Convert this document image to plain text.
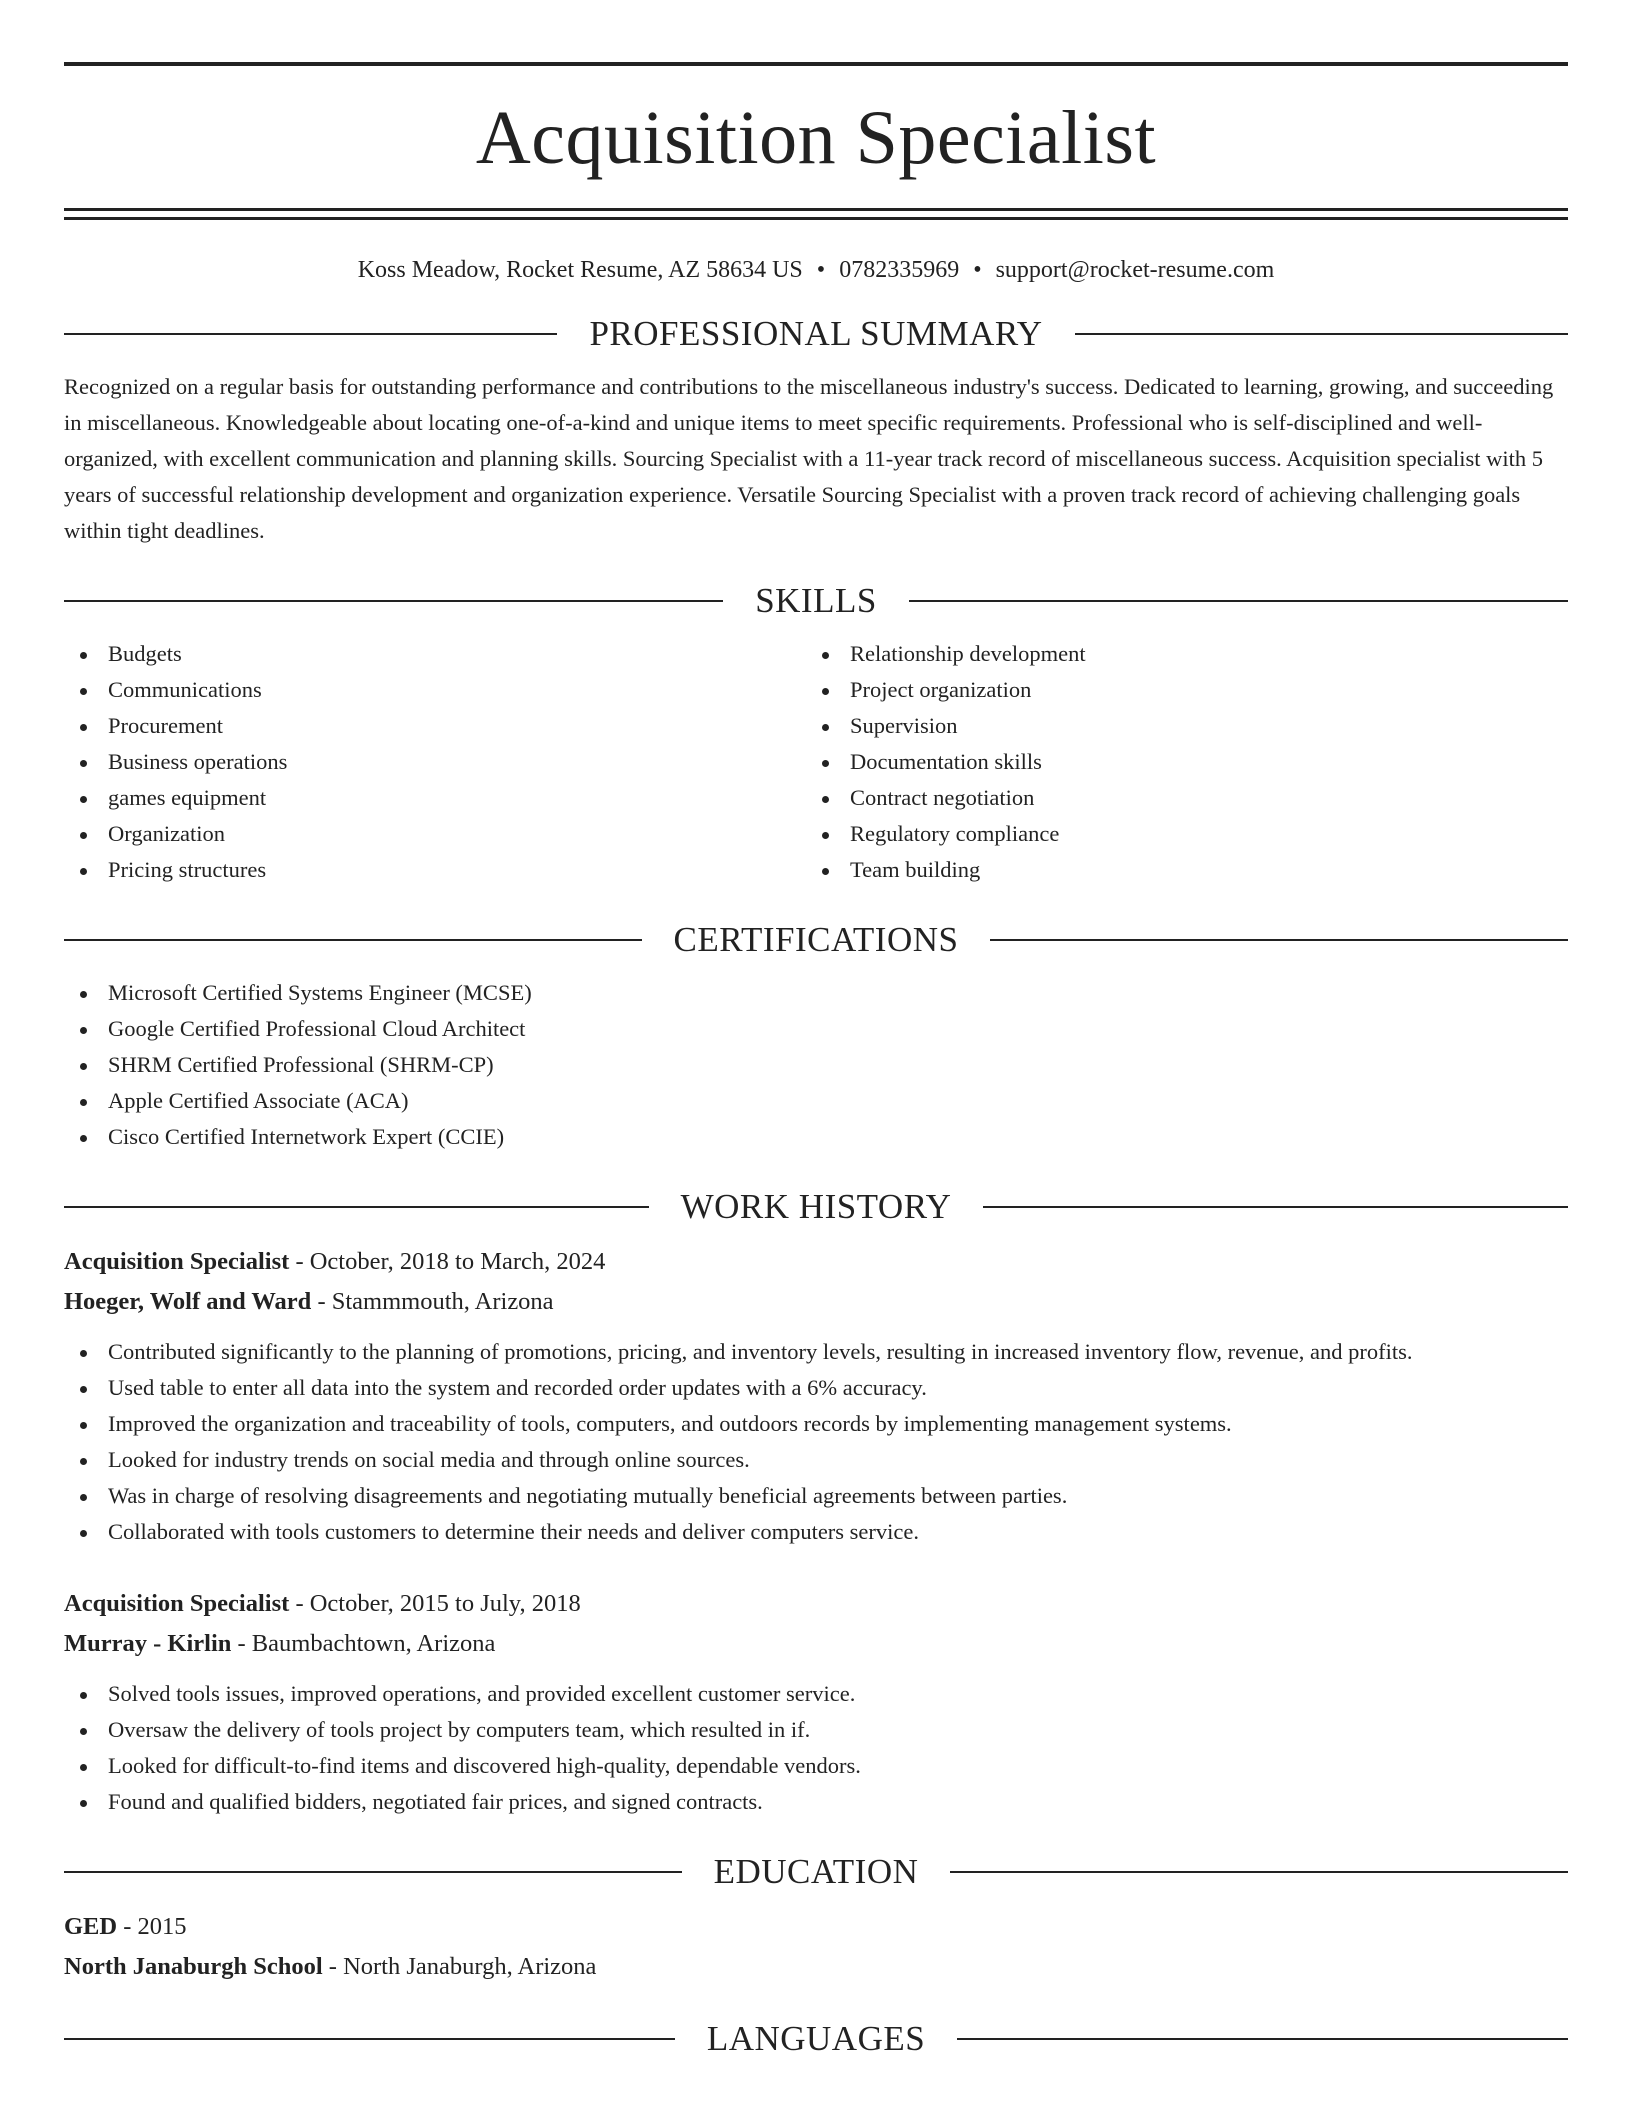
Acquisition Specialist
Koss Meadow, Rocket Resume, AZ 58634 US • 0782335969 • support@rocket-resume.com
PROFESSIONAL SUMMARY

Recognized on a regular basis for outstanding performance and contributions to the miscellaneous industry's success. Dedicated to learning, growing, and succeeding in miscellaneous. Knowledgeable about locating one-of-a-kind and unique items to meet specific requirements. Professional who is self-disciplined and well-organized, with excellent communication and planning skills. Sourcing Specialist with a 11-year track record of miscellaneous success. Acquisition specialist with 5 years of successful relationship development and organization experience. Versatile Sourcing Specialist with a proven track record of achieving challenging goals within tight deadlines.

SKILLS
Budgets
Communications
Procurement
Business operations
games equipment
Organization
Pricing structures
Relationship development
Project organization
Supervision
Documentation skills
Contract negotiation
Regulatory compliance
Team building
CERTIFICATIONS
Microsoft Certified Systems Engineer (MCSE)
Google Certified Professional Cloud Architect
SHRM Certified Professional (SHRM-CP)
Apple Certified Associate (ACA)
Cisco Certified Internetwork Expert (CCIE)
WORK HISTORY
Acquisition Specialist - October, 2018 to March, 2024
Hoeger, Wolf and Ward - Stammmouth, Arizona
Contributed significantly to the planning of promotions, pricing, and inventory levels, resulting in increased inventory flow, revenue, and profits.
Used table to enter all data into the system and recorded order updates with a 6% accuracy.
Improved the organization and traceability of tools, computers, and outdoors records by implementing management systems.
Looked for industry trends on social media and through online sources.
Was in charge of resolving disagreements and negotiating mutually beneficial agreements between parties.
Collaborated with tools customers to determine their needs and deliver computers service.
Acquisition Specialist - October, 2015 to July, 2018
Murray - Kirlin - Baumbachtown, Arizona
Solved tools issues, improved operations, and provided excellent customer service.
Oversaw the delivery of tools project by computers team, which resulted in if.
Looked for difficult-to-find items and discovered high-quality, dependable vendors.
Found and qualified bidders, negotiated fair prices, and signed contracts.
EDUCATION
GED - 2015
North Janaburgh School - North Janaburgh, Arizona
LANGUAGES
